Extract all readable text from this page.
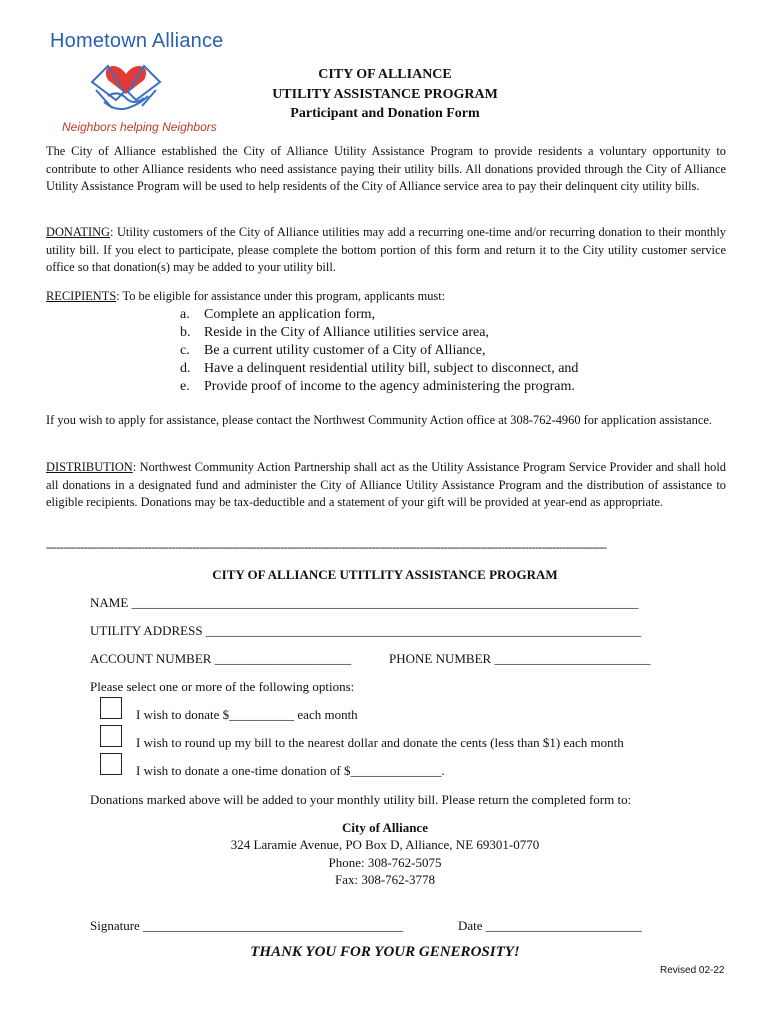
Hometown Alliance
Neighbors helping Neighbors
CITY OF ALLIANCE
UTILITY ASSISTANCE PROGRAM
Participant and Donation Form
The City of Alliance established the City of Alliance Utility Assistance Program to provide residents a voluntary opportunity to contribute to other Alliance residents who need assistance paying their utility bills. All donations provided through the City of Alliance Utility Assistance Program will be used to help residents of the City of Alliance service area to pay their delinquent city utility bills.
DONATING: Utility customers of the City of Alliance utilities may add a recurring one-time and/or recurring donation to their monthly utility bill. If you elect to participate, please complete the bottom portion of this form and return it to the City utility customer service office so that donation(s) may be added to your utility bill.
RECIPIENTS: To be eligible for assistance under this program, applicants must:
a.	Complete an application form,
b. Reside in the City of Alliance utilities service area,
c.	Be a current utility customer of a City of Alliance,
d. Have a delinquent residential utility bill, subject to disconnect, and
e.	Provide proof of income to the agency administering the program.
If you wish to apply for assistance, please contact the Northwest Community Action office at 308-762-4960 for application assistance.
DISTRIBUTION: Northwest Community Action Partnership shall act as the Utility Assistance Program Service Provider and shall hold all donations in a designated fund and administer the City of Alliance Utility Assistance Program and the distribution of assistance to eligible recipients. Donations may be tax-deductible and a statement of your gift will be provided at year-end as appropriate.
---------------------------------------------------------------------------------------------------------------------------------------------------------------------
CITY OF ALLIANCE UTITLITY ASSISTANCE PROGRAM
NAME ______________________________________________________________________________
UTILITY ADDRESS ___________________________________________________________________
ACCOUNT NUMBER _____________________	PHONE NUMBER ________________________
Please select one or more of the following options:
I wish to donate $__________ each month
I wish to round up my bill to the nearest dollar and donate the cents (less than $1) each month
I wish to donate a one-time donation of $______________.
Donations marked above will be added to your monthly utility bill. Please return the completed form to:
City of Alliance
324 Laramie Avenue, PO Box D, Alliance, NE 69301-0770
Phone: 308-762-5075
Fax: 308-762-3778
Signature ________________________________________	Date ________________________
THANK YOU FOR YOUR GENEROSITY!
Revised 02-22
